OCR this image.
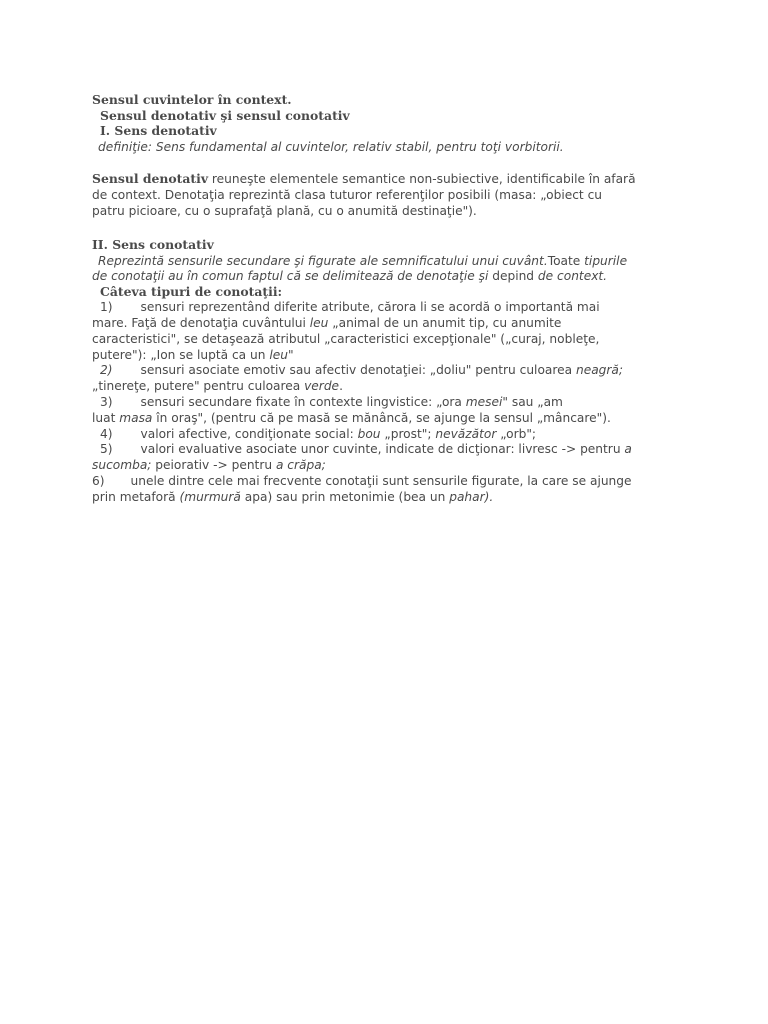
Sensul cuvintelor în context.
Sensul denotativ şi sensul conotativ
I. Sens denotativ
definiţie: Sens fundamental al cuvintelor, relativ stabil, pentru toţi vorbitorii.
Sensul denotativ reuneşte elementele semantice non-subiective, identificabile în afară
de context. Denotaţia reprezintă clasa tuturor referenţilor posibili (masa: „obiect cu
patru picioare, cu o suprafaţă plană, cu o anumită destinaţie").
II. Sens conotativ
Reprezintă sensurile secundare şi figurate ale semnificatului unui cuvânt.Toate tipurile
de conotaţii au în comun faptul că se delimitează de denotaţie şi depind de context.
Câteva tipuri de conotaţii:
1) sensuri reprezentând diferite atribute, cărora li se acordă o importantă mai
mare. Faţă de denotaţia cuvântului leu „animal de un anumit tip, cu anumite
caracteristici", se detaşează atributul „caracteristici excepţionale" („curaj, nobleţe,
putere"): „Ion se luptă ca un leu"
2) sensuri asociate emotiv sau afectiv denotaţiei: „doliu" pentru culoarea neagră;
„tinereţe, putere" pentru culoarea verde.
3) sensuri secundare fixate în contexte lingvistice: „ora mesei" sau „am
luat masa în oraş", (pentru că pe masă se mănâncă, se ajunge la sensul „mâncare").
4) valori afective, condiţionate social: bou „prost"; nevăzător „orb";
5) valori evaluative asociate unor cuvinte, indicate de dicţionar: livresc -> pentru a
sucomba; peiorativ -> pentru a crăpa;
6) unele dintre cele mai frecvente conotaţii sunt sensurile figurate, la care se ajunge
prin metaforă (murmură apa) sau prin metonimie (bea un pahar).
